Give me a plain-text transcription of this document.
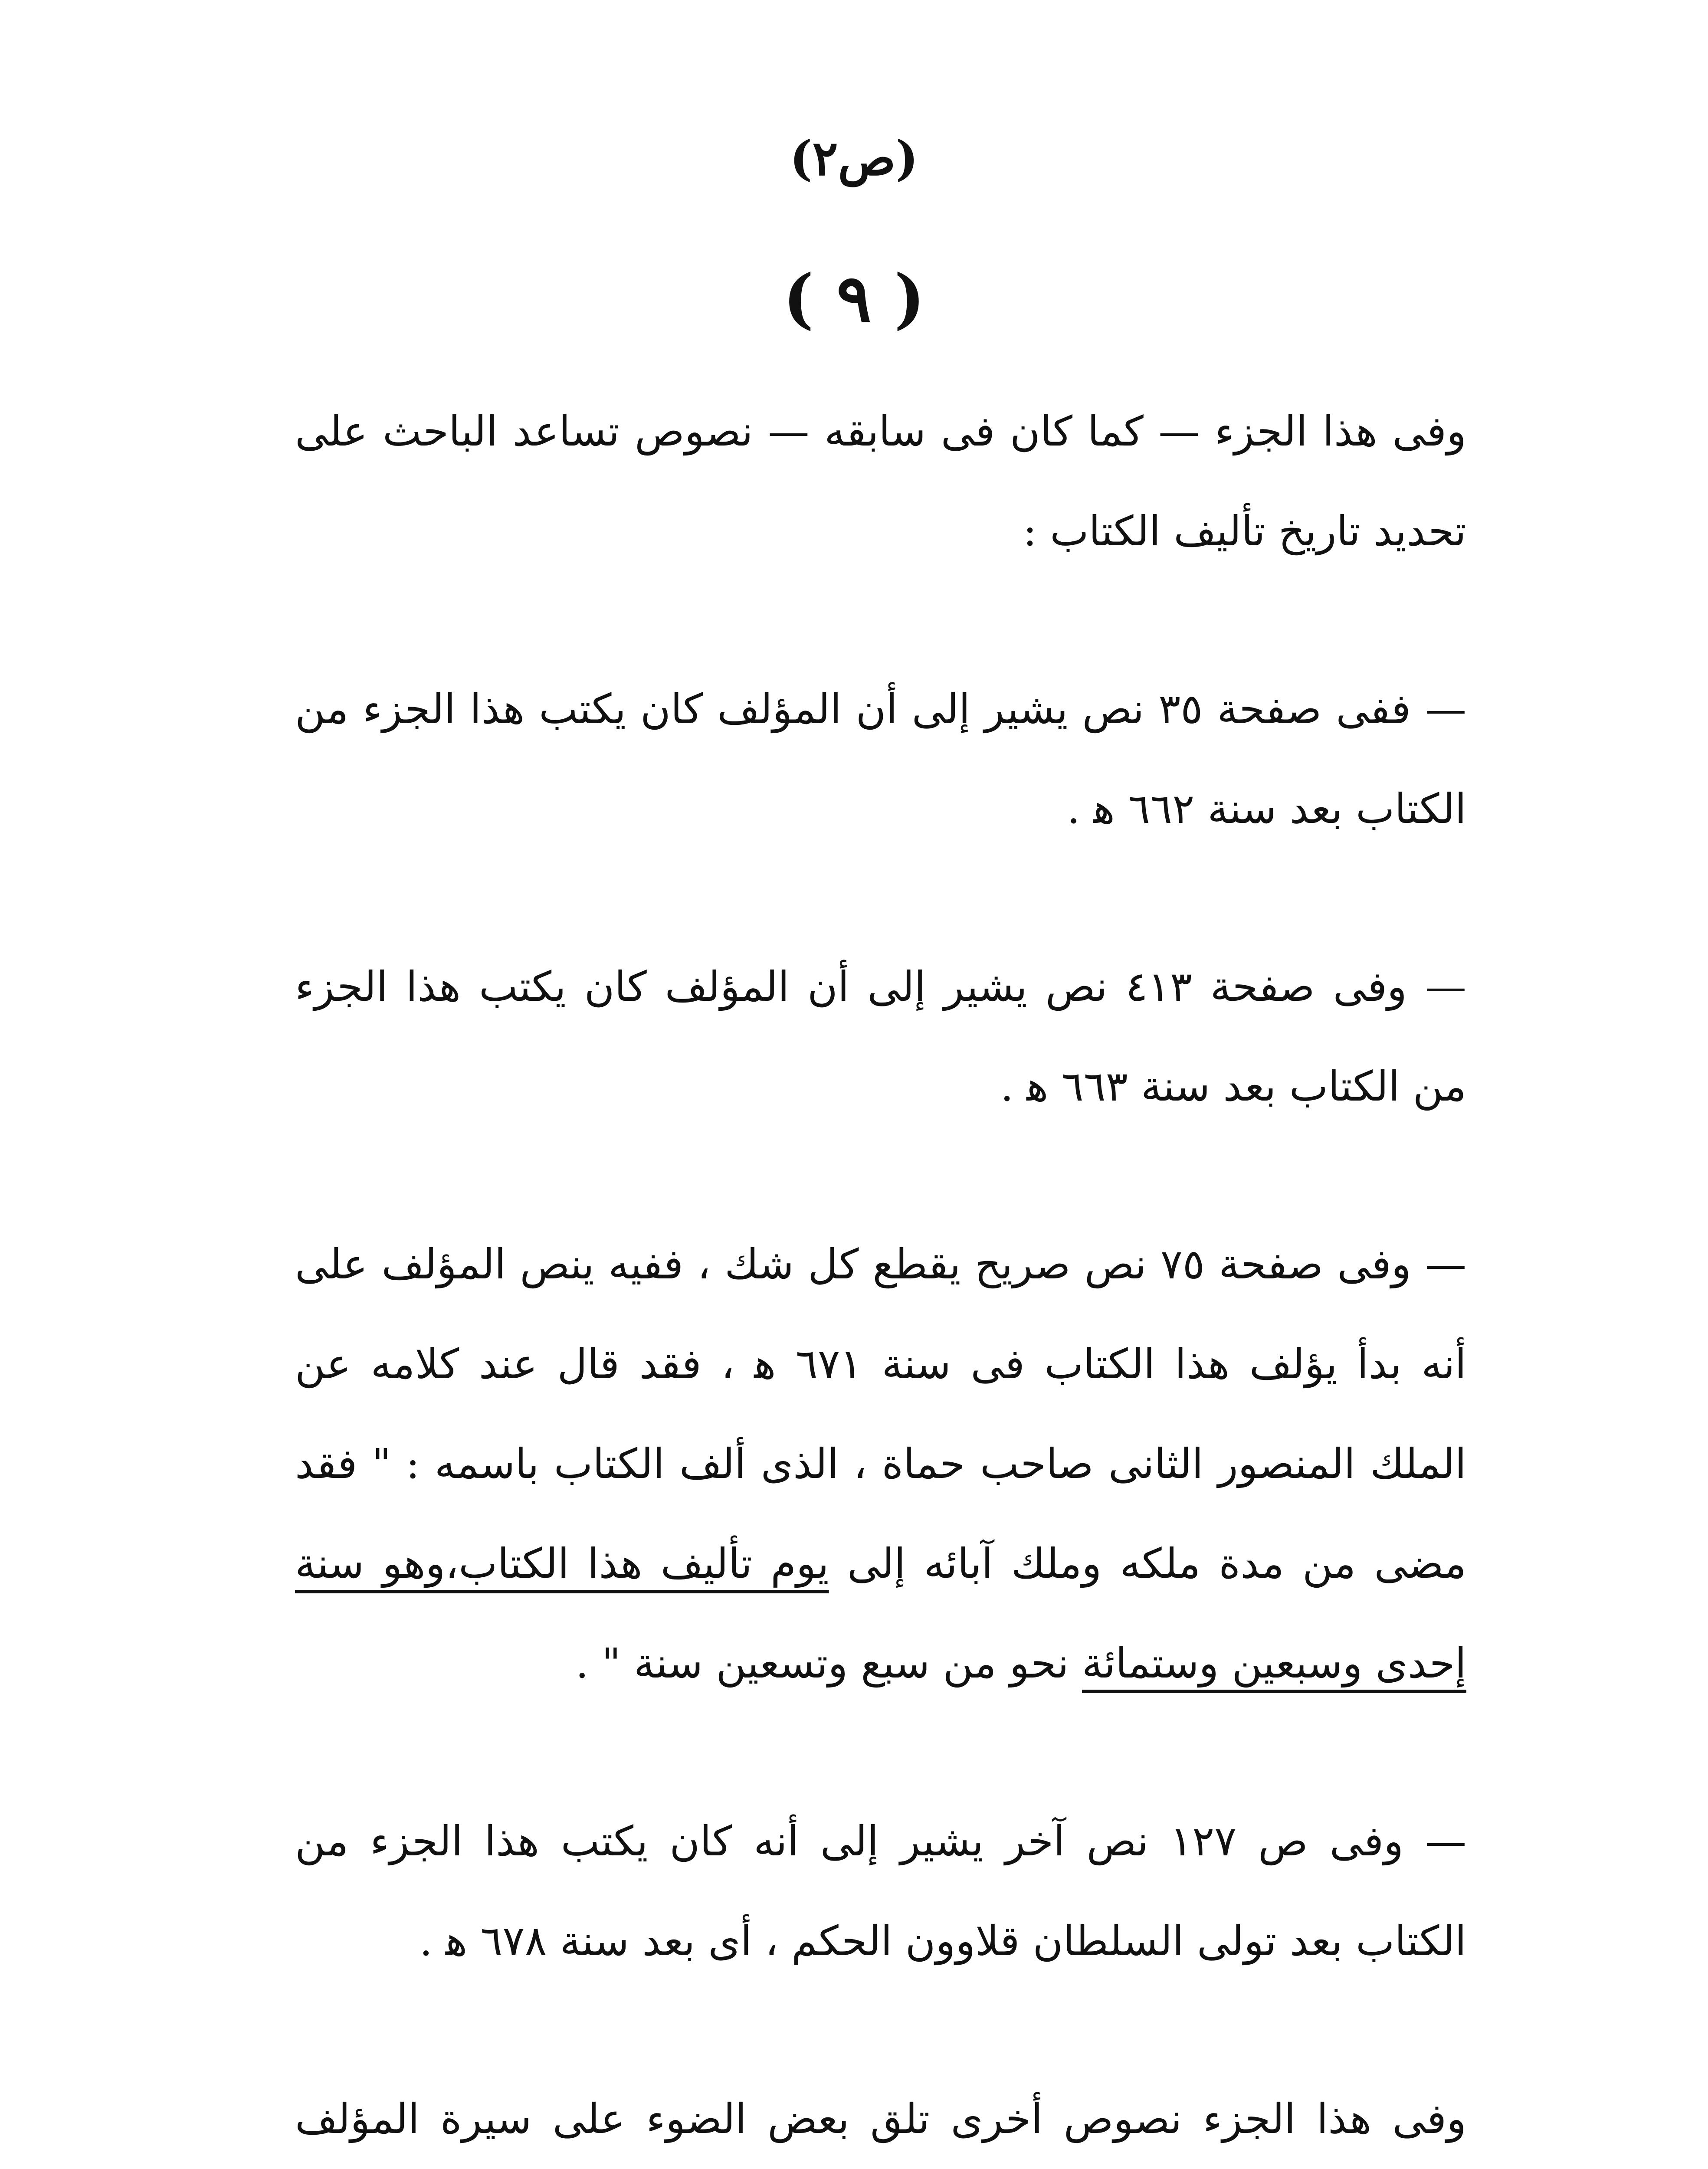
(ص٢)
( ٩ )

وفى هذا الجزء — كما كان فى سابقه — نصوص تساعد الباحث على تحديد تاريخ تأليف الكتاب :

— ففى صفحة ٣٥ نص يشير إلى أن المؤلف كان يكتب هذا الجزء من الكتاب بعد سنة ٦٦٢ ﻫ .

— وفى صفحة ٤١٣ نص يشير إلى أن المؤلف كان يكتب هذا الجزء من الكتاب بعد سنة ٦٦٣ ﻫ .

— وفى صفحة ٧٥ نص صريح يقطع كل شك ، ففيه ينص المؤلف على أنه بدأ يؤلف هذا الكتاب فى سنة ٦٧١ ﻫ ، فقد قال عند كلامه عن الملك المنصور الثانى صاحب حماة ، الذى ألف الكتاب باسمه : " فقد مضى من مدة ملكه وملك آبائه إلى يوم تأليف هذا الكتاب،وهو سنة إحدى وسبعين وستمائة نحو من سبع وتسعين سنة " .

— وفى ص ١٢٧ نص آخر يشير إلى أنه كان يكتب هذا الجزء من الكتاب بعد تولى السلطان قلاوون الحكم ، أى بعد سنة ٦٧٨ ﻫ .

وفى هذا الجزء نصوص أخرى تلق بعض الضوء على سيرة المؤلف
